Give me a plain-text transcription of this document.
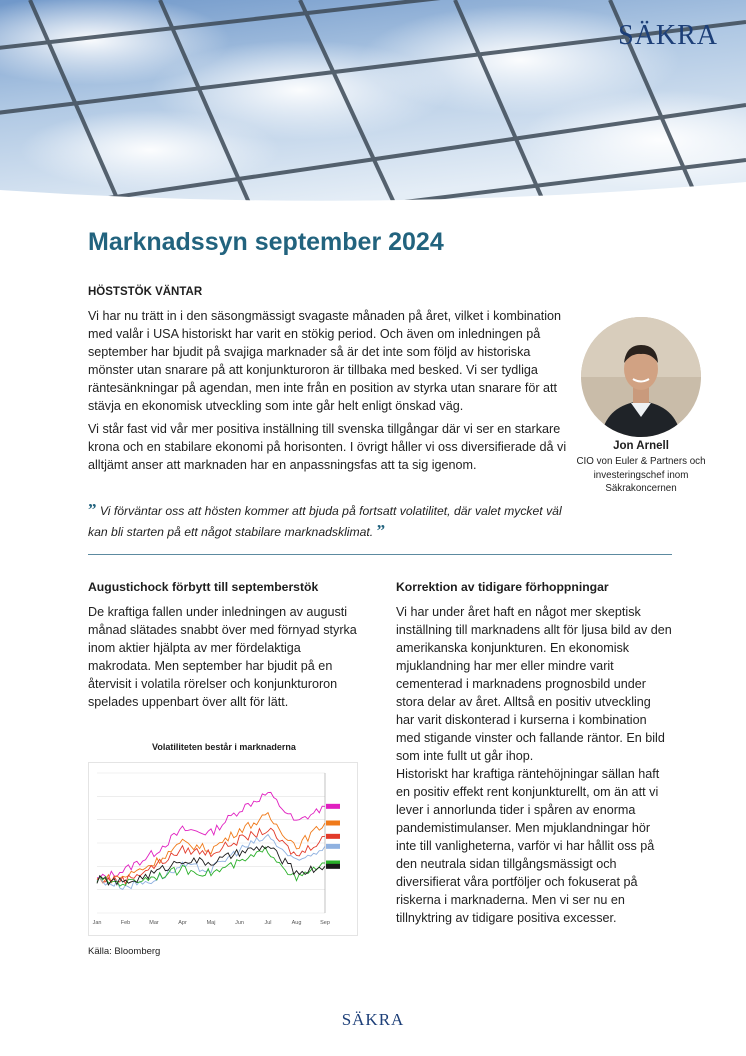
SÄKRA
Marknadssyn september 2024
HÖSTSTÖK VÄNTAR

Vi har nu trätt in i den säsongmässigt svagaste månaden på året, vilket i kombination med valår i USA historiskt har varit en stökig period. Och även om inledningen på september har bjudit på svajiga marknader så är det inte som följd av historiska mönster utan snarare på att konjunkturoron är tillbaka med besked. Vi ser tydliga räntesänkningar på agendan, men inte från en position av styrka utan snarare för att stävja en ekonomisk utveckling som inte går helt enligt önskad väg.

Vi står fast vid vår mer positiva inställning till svenska tillgångar där vi ser en starkare krona och en stabilare ekonomi på horisonten. I övrigt håller vi oss diversifierade då vi alltjämt anser att marknaden har en anpassningsfas att ta sig igenom.

” Vi förväntar oss att hösten kommer att bjuda på fortsatt volatilitet, där valet mycket väl kan bli starten på ett något stabilare marknadsklimat. ”

Jon Arnell

CIO von Euler & Partners och investeringschef inom Säkrakoncernen

Augustichock förbytt till septemberstök

De kraftiga fallen under inledningen av augusti månad slätades snabbt över med förnyad styrka inom aktier hjälpta av mer fördelaktiga makrodata. Men september har bjudit på en återvisit i volatila rörelser och konjunkturoron spelades uppenbart över allt för lätt.

Korrektion av tidigare förhoppningar

Vi har under året haft en något mer skeptisk inställning till marknadens allt för ljusa bild av den amerikanska konjunkturen. En ekonomisk mjuklandning har mer eller mindre varit cementerad i marknadens prognosbild under stora delar av året. Alltså en positiv utveckling har varit diskonterad i kurserna i kombination med stigande vinster och fallande räntor. En bild som inte fullt ut går ihop.

Historiskt har kraftiga räntehöjningar sällan haft en positiv effekt rent konjunkturellt, om än att vi lever i annorlunda tider i spåren av enorma pandemistimulanser. Men mjuklandningar hör inte till vanligheterna, varför vi har hållit oss på den neutrala sidan tillgångsmässigt och diversifierat våra portföljer och fokuserat på riskerna i marknaderna. Men vi ser nu en tillnyktring av tidigare positiva excesser.

Volatiliteten består i marknaderna

Jan	Feb	Mar	Apr	Maj	Jun	Jul	Aug	Sep

Källa: Bloomberg

SÄKRA
